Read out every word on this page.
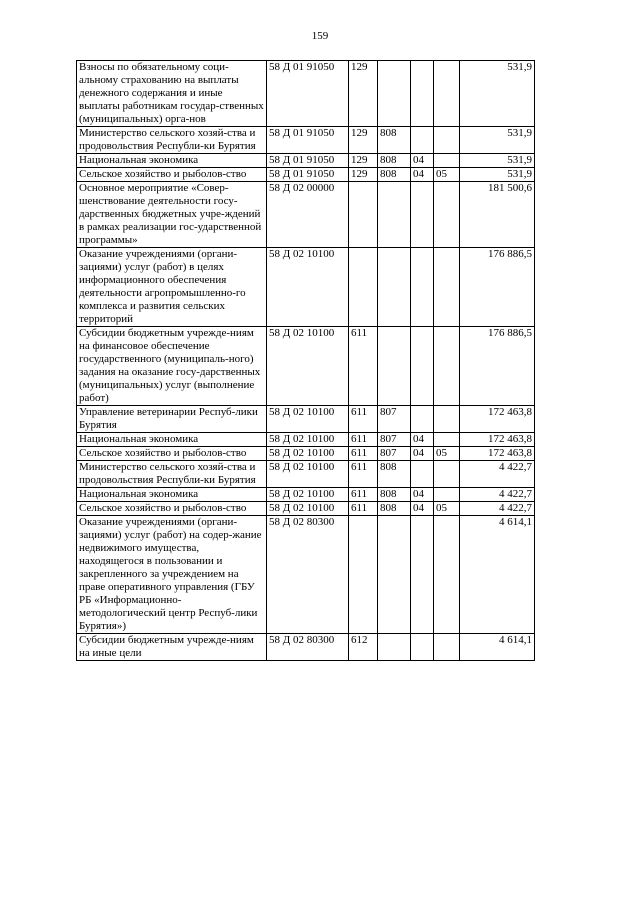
159
Взносы по обязательному соци-альному страхованию на выплаты денежного содержания и иные выплаты работникам государ-ственных (муниципальных) орга-нов	58 Д 01 91050	129				531,9
Министерство сельского хозяй-ства и продовольствия Республи-ки Бурятия	58 Д 01 91050	129	808			531,9
Национальная экономика	58 Д 01 91050	129	808	04		531,9
Сельское хозяйство и рыболов-ство	58 Д 01 91050	129	808	04	05	531,9
Основное мероприятие «Совер-шенствование деятельности госу-дарственных бюджетных учре-ждений в рамках реализации гос-ударственной программы»	58 Д 02 00000					181 500,6
Оказание учреждениями (органи-зациями) услуг (работ) в целях информационного обеспечения деятельности агропромышленно-го комплекса и развития сельских территорий	58 Д 02 10100					176 886,5
Субсидии бюджетным учрежде-ниям на финансовое обеспечение государственного (муниципаль-ного) задания на оказание госу-дарственных (муниципальных) услуг (выполнение работ)	58 Д 02 10100	611				176 886,5
Управление ветеринарии Респуб-лики Бурятия	58 Д 02 10100	611	807			172 463,8
Национальная экономика	58 Д 02 10100	611	807	04		172 463,8
Сельское хозяйство и рыболов-ство	58 Д 02 10100	611	807	04	05	172 463,8
Министерство сельского хозяй-ства и продовольствия Республи-ки Бурятия	58 Д 02 10100	611	808			4 422,7
Национальная экономика	58 Д 02 10100	611	808	04		4 422,7
Сельское хозяйство и рыболов-ство	58 Д 02 10100	611	808	04	05	4 422,7
Оказание учреждениями (органи-зациями) услуг (работ) на содер-жание недвижимого имущества, находящегося в пользовании и закрепленного за учреждением на праве оперативного управления (ГБУ РБ «Информационно-методологический центр Респуб-лики Бурятия»)	58 Д 02 80300					4 614,1
Субсидии бюджетным учрежде-ниям на иные цели	58 Д 02 80300	612				4 614,1
